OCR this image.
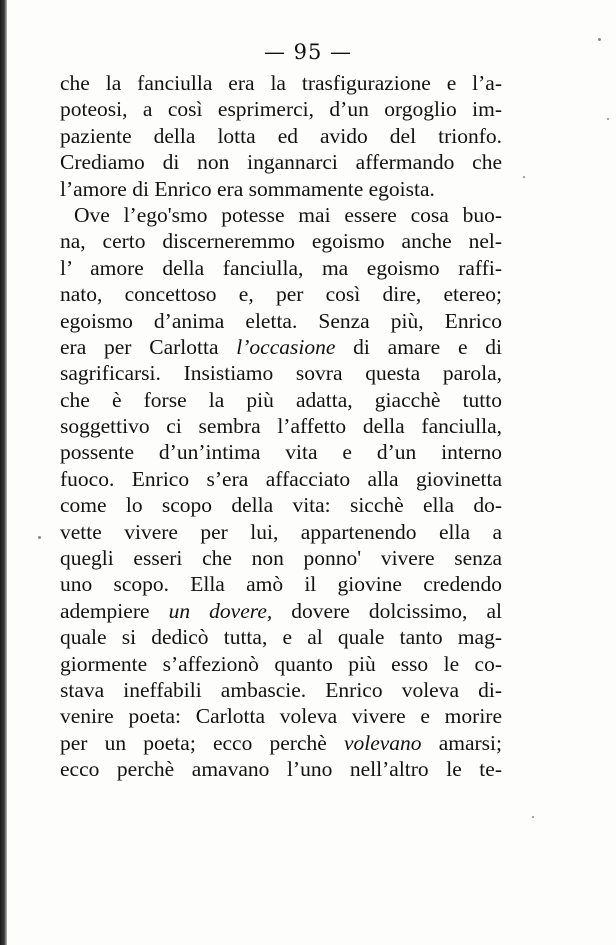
— 95 —
che la fanciulla era la trasfigurazione e l’a-
poteosi, a così esprimerci, d’un orgoglio im-
paziente della lotta ed avido del trionfo.
Crediamo di non ingannarci affermando che
l’amore di Enrico era sommamente egoista.
Ove l’ego'smo potesse mai essere cosa buo-
na, certo discerneremmo egoismo anche nel-
l’ amore della fanciulla, ma egoismo raffi-
nato, concettoso e, per così dire, etereo;
egoismo d’anima eletta. Senza più, Enrico
era per Carlotta l’occasione di amare e di
sagrificarsi. Insistiamo sovra questa parola,
che è forse la più adatta, giacchè tutto
soggettivo ci sembra l’affetto della fanciulla,
possente d’un’intima vita e d’un interno
fuoco. Enrico s’era affacciato alla giovinetta
come lo scopo della vita: sicchè ella do-
vette vivere per lui, appartenendo ella a
quegli esseri che non ponno' vivere senza
uno scopo. Ella amò il giovine credendo
adempiere un dovere, dovere dolcissimo, al
quale si dedicò tutta, e al quale tanto mag-
giormente s’affezionò quanto più esso le co-
stava ineffabili ambascie. Enrico voleva di-
venire poeta: Carlotta voleva vivere e morire
per un poeta; ecco perchè volevano amarsi;
ecco perchè amavano l’uno nell’altro le te-
